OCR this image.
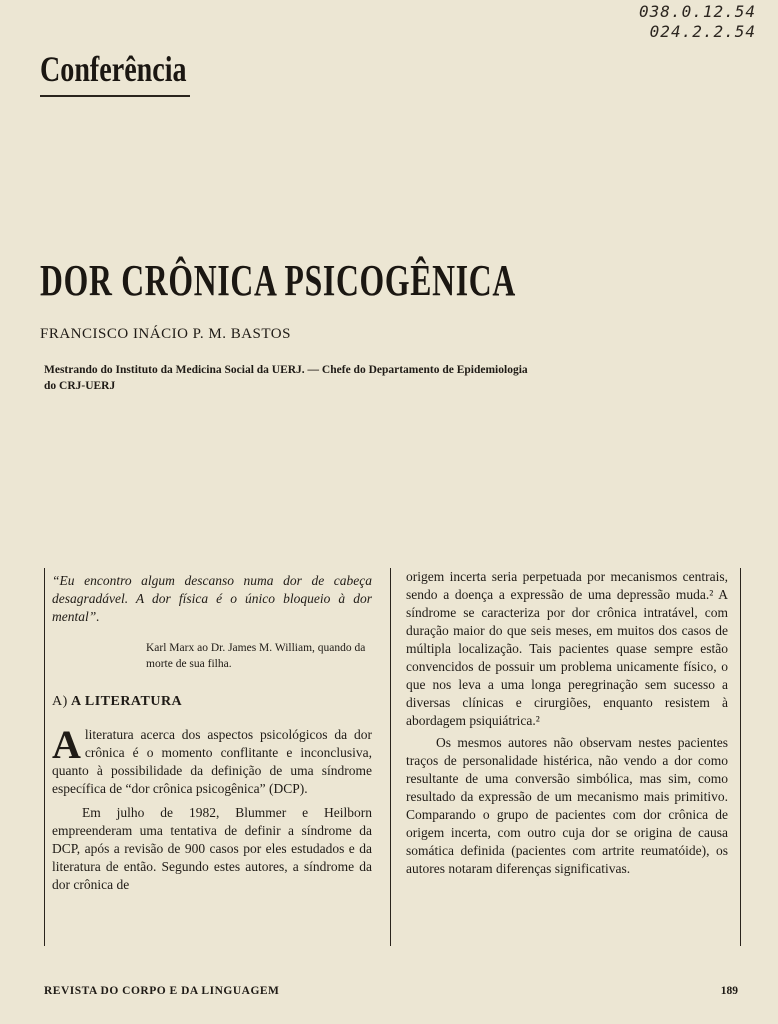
038.0.12.54
024.2.2.54
Conferência
DOR CRÔNICA PSICOGÊNICA
FRANCISCO INÁCIO P. M. BASTOS
Mestrando do Instituto da Medicina Social da UERJ. — Chefe do Departamento de Epidemiologia do CRJ-UERJ
“Eu encontro algum descanso numa dor de cabeça desagradável. A dor física é o único bloqueio à dor mental”.
Karl Marx ao Dr. James M. William, quando da morte de sua filha.
A) A LITERATURA

A literatura acerca dos aspectos psicológicos da dor crônica é o momento conflitante e inconclusiva, quanto à possibilidade da definição de uma síndrome específica de “dor crônica psicogênica” (DCP).

Em julho de 1982, Blummer e Heilborn empreenderam uma tentativa de definir a síndrome da DCP, após a revisão de 900 casos por eles estudados e da literatura de então. Segundo estes autores, a síndrome da dor crônica de

origem incerta seria perpetuada por mecanismos centrais, sendo a doença a expressão de uma depressão muda.² A síndrome se caracteriza por dor crônica intratável, com duração maior do que seis meses, em muitos dos casos de múltipla localização. Tais pacientes quase sempre estão convencidos de possuir um problema unicamente físico, o que nos leva a uma longa peregrinação sem sucesso a diversas clínicas e cirurgiões, enquanto resistem à abordagem psiquiátrica.²

Os mesmos autores não observam nestes pacientes traços de personalidade histérica, não vendo a dor como resultante de uma conversão simbólica, mas sim, como resultado da expressão de um mecanismo mais primitivo. Comparando o grupo de pacientes com dor crônica de origem incerta, com outro cuja dor se origina de causa somática definida (pacientes com artrite reumatóide), os autores notaram diferenças significativas.

REVISTA DO CORPO E DA LINGUAGEM	189
